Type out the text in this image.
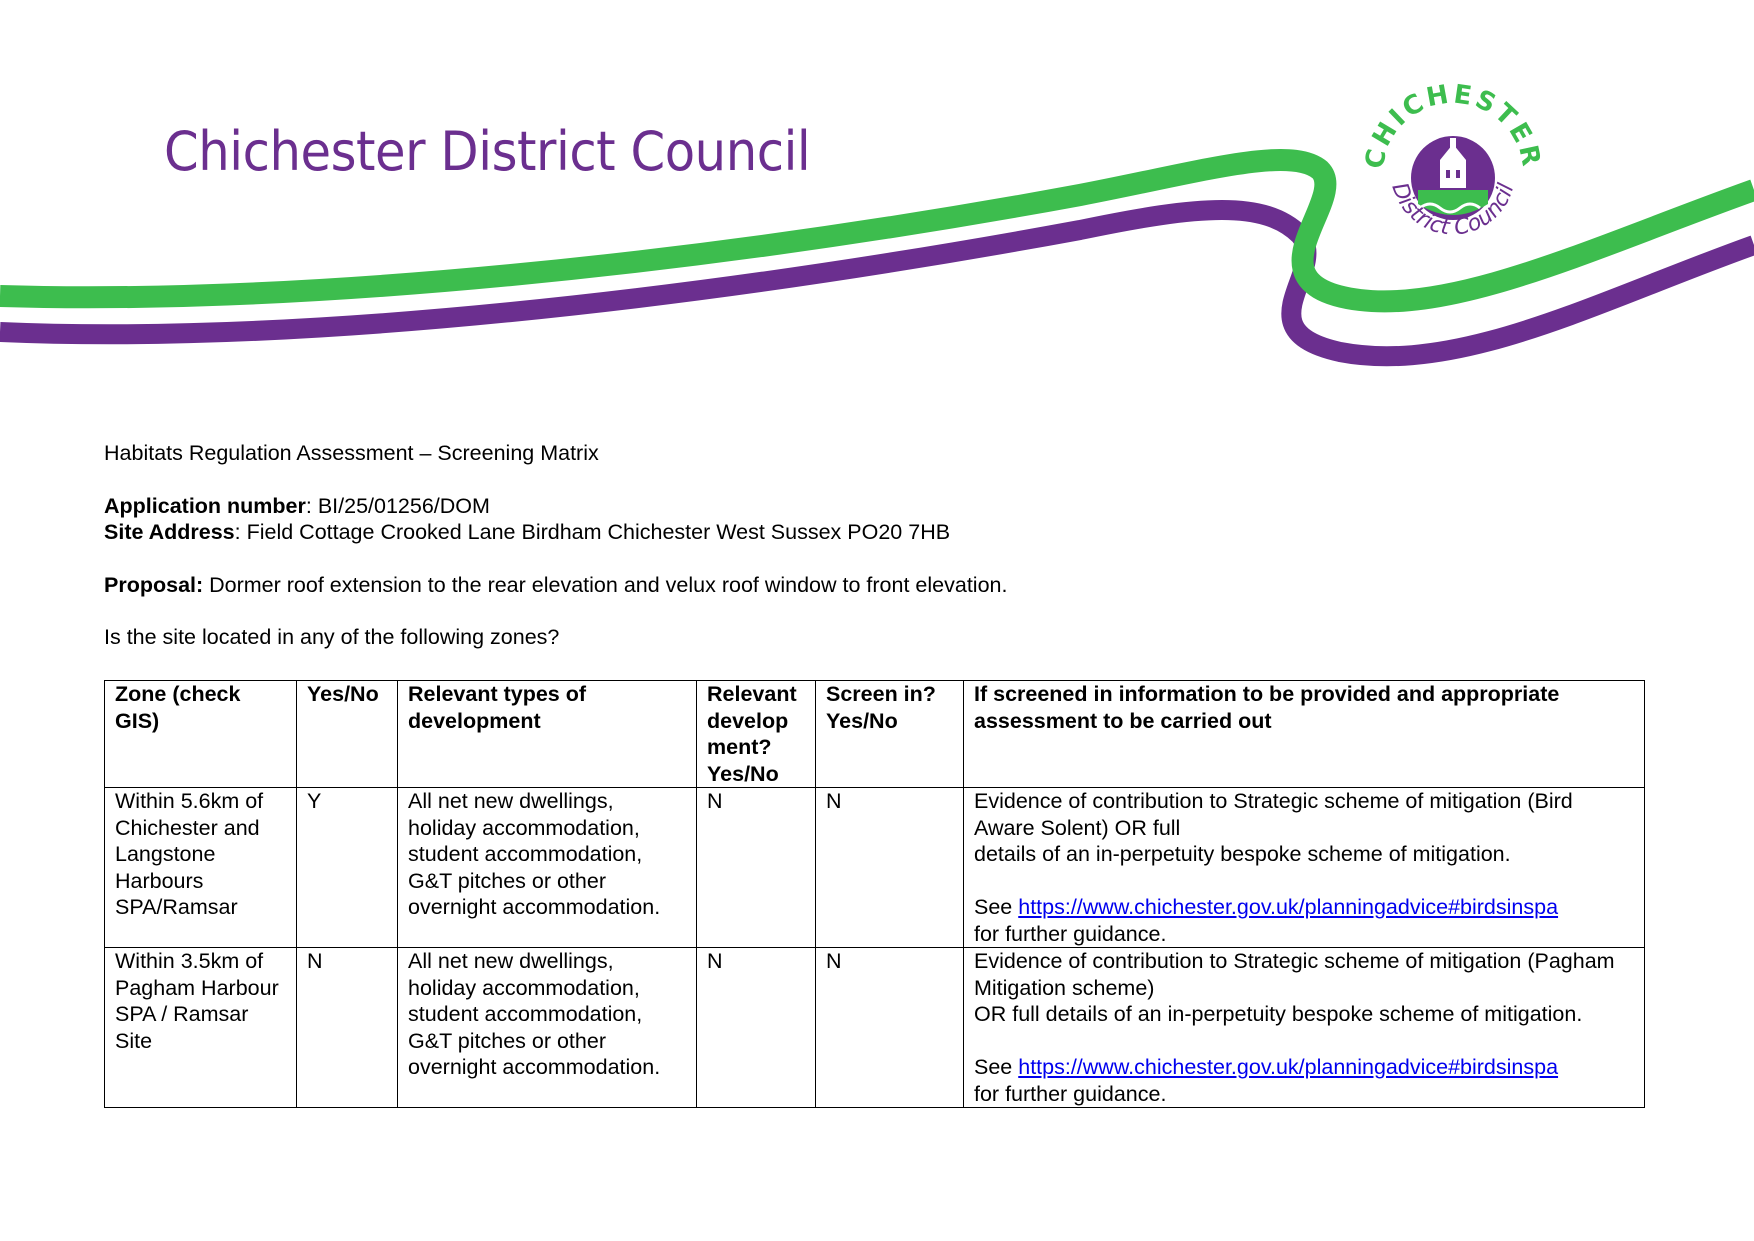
Chichester District Council	CHICHESTER
District Council

Habitats Regulation Assessment – Screening Matrix

Application number: BI/25/01256/DOM

Site Address: Field Cottage Crooked Lane Birdham Chichester West Sussex PO20 7HB

Proposal: Dormer roof extension to the rear elevation and velux roof window to front elevation.

Is the site located in any of the following zones?

Zone (check GIS)	Yes/No	Relevant types of development	Relevant develop ment? Yes/No	Screen in? Yes/No	If screened in information to be provided and appropriate assessment to be carried out
Within 5.6km of Chichester and Langstone Harbours SPA/Ramsar	Y	All net new dwellings, holiday accommodation, student accommodation, G&T pitches or other overnight accommodation.	N	N	Evidence of contribution to Strategic scheme of mitigation (Bird Aware Solent) OR full
details of an in-perpetuity bespoke scheme of mitigation.
See https://www.chichester.gov.uk/planningadvice#birdsinspa
for further guidance.

Within 3.5km of Pagham Harbour SPA / Ramsar Site	N	All net new dwellings, holiday accommodation, student accommodation, G&T pitches or other overnight accommodation.	N	N	Evidence of contribution to Strategic scheme of mitigation (Pagham Mitigation scheme)
OR full details of an in-perpetuity bespoke scheme of mitigation.
See https://www.chichester.gov.uk/planningadvice#birdsinspa
for further guidance.
